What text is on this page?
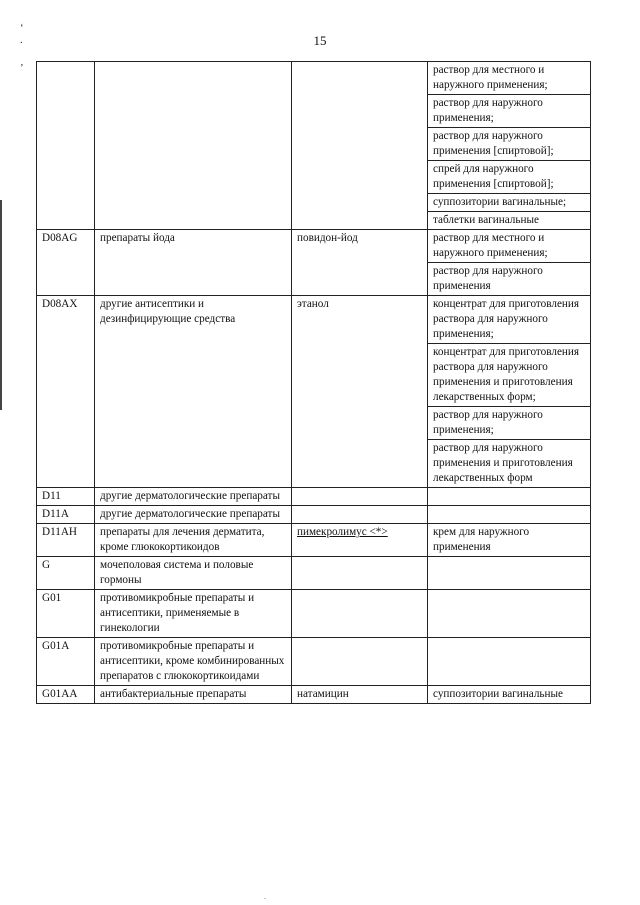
15
‘
.
’
				раствор для местного и наружного применения;
			раствор для наружного применения;
			раствор для наружного применения [спиртовой];
			спрей для наружного применения [спиртовой];
			суппозитории вагинальные;
			таблетки вагинальные
D08AG	препараты йода	повидон-йод	раствор для местного и наружного применения;
			раствор для наружного применения
D08AX	другие антисептики и дезинфицирующие средства	этанол	концентрат для приготовления раствора для наружного применения;
			концентрат для приготовления раствора для наружного применения и приготовления лекарственных форм;
			раствор для наружного применения;
			раствор для наружного применения и приготовления лекарственных форм
D11	другие дерматологические препараты		
D11A	другие дерматологические препараты		
D11AH	препараты для лечения дерматита, кроме глюкокортикоидов	пимекролимус <*>	крем для наружного применения
G	мочеполовая система и половые гормоны		
G01	противомикробные препараты и антисептики, применяемые в гинекологии		
G01A	противомикробные препараты и антисептики, кроме комбинированных препаратов с глюкокортикоидами		
G01AA	антибактериальные препараты	натамицин	суппозитории вагинальные
.
